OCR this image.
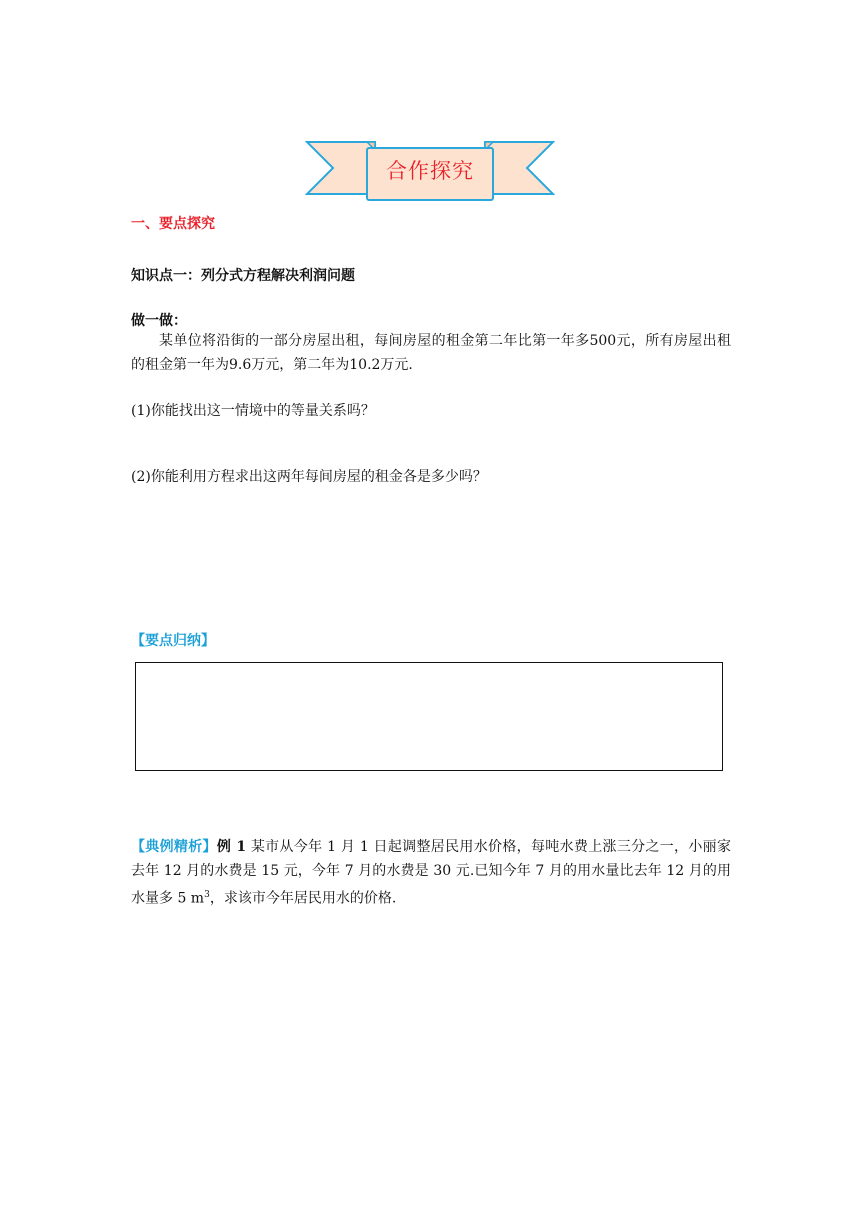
合作探究
一、要点探究
知识点一：列分式方程解决利润问题
做一做：
某单位将沿街的一部分房屋出租，每间房屋的租金第二年比第一年多500元，所有房屋出租的租金第一年为9.6万元，第二年为10.2万元.
(1)你能找出这一情境中的等量关系吗？
(2)你能利用方程求出这两年每间房屋的租金各是多少吗？
【要点归纳】
【典例精析】例 1 某市从今年 1 月 1 日起调整居民用水价格，每吨水费上涨三分之一，小丽家去年 12 月的水费是 15 元，今年 7 月的水费是 30 元.已知今年 7 月的用水量比去年 12 月的用水量多 5 $m^3$，求该市今年居民用水的价格.
